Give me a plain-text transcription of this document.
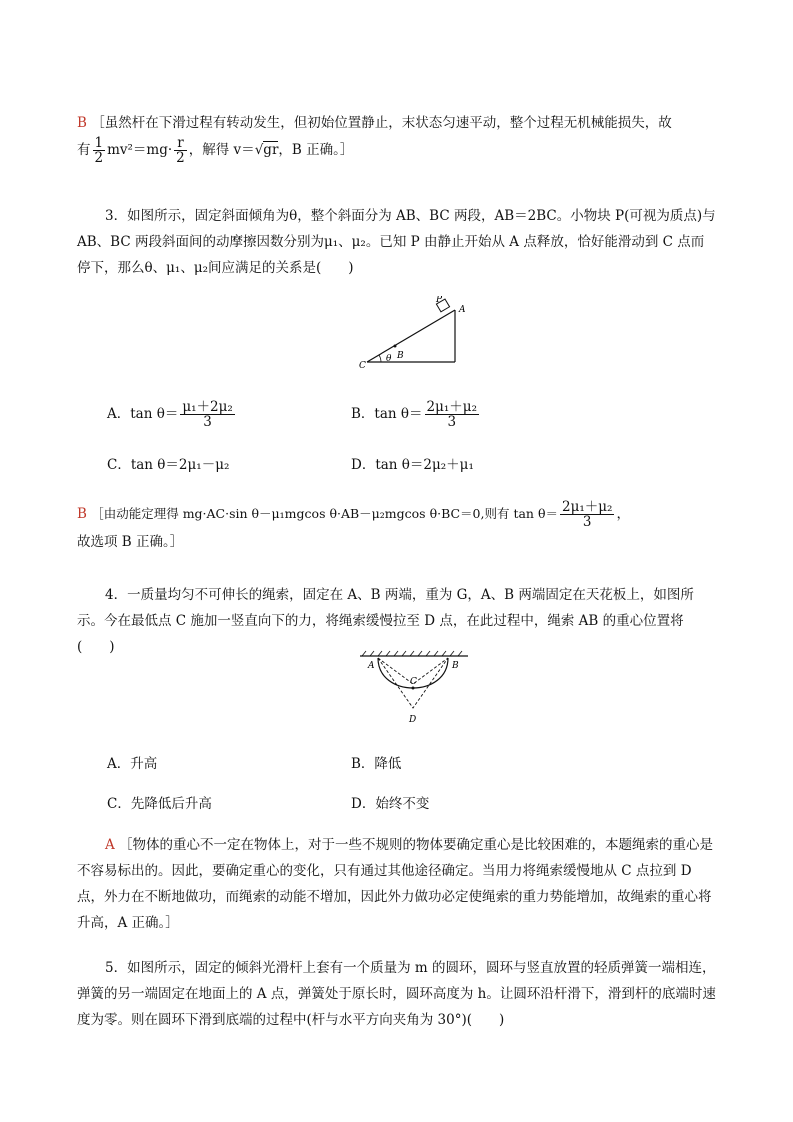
B ［虽然杆在下滑过程有转动发生，但初始位置静止，末状态匀速平动，整个过程无机械能损失，故
有 $\frac{1}{2} mv^2=mg\cdot \frac{r}{2}$ ，解得 v＝√gr，B 正确。］
3．如图所示，固定斜面倾角为θ，整个斜面分为 AB、BC 两段，AB＝2BC。小物块 P(可视为质点)与 AB、BC 两段斜面间的动摩擦因数分别为μ₁、μ₂。已知 P 由静止开始从 A 点释放，恰好能滑动到 C 点而停下，那么θ、μ₁、μ₂间应满足的关系是(　　)
P
A
B
C
θ
A．$\tan \theta= \frac{\text{μ₁＋2μ₂}}{3}$	B．$\tan \theta= \frac{\text{2μ₁＋μ₂}}{3}$
C．tan θ＝2μ₁－μ₂	D．tan θ＝2μ₂＋μ₁
B ［由动能定理得 mg·AC·sin θ－μ₁mgcos θ·AB－μ₂mgcos θ·BC＝0,则有 $\tan \theta= \frac{\text{2μ₁＋μ₂}}{3}$ ，
故选项 B 正确。］
4．一质量均匀不可伸长的绳索，固定在 A、B 两端，重为 G，A、B 两端固定在天花板上，如图所示。今在最低点 C 施加一竖直向下的力，将绳索缓慢拉至 D 点，在此过程中，绳索 AB 的重心位置将(　　)
A	B
C
D
A．升高	B．降低
C．先降低后升高	D．始终不变
A ［物体的重心不一定在物体上，对于一些不规则的物体要确定重心是比较困难的，本题绳索的重心是不容易标出的。因此，要确定重心的变化，只有通过其他途径确定。当用力将绳索缓慢地从 C 点拉到 D 点，外力在不断地做功，而绳索的动能不增加，因此外力做功必定使绳索的重力势能增加，故绳索的重心将升高，A 正确。］
5．如图所示，固定的倾斜光滑杆上套有一个质量为 m 的圆环，圆环与竖直放置的轻质弹簧一端相连，弹簧的另一端固定在地面上的 A 点，弹簧处于原长时，圆环高度为 h。让圆环沿杆滑下，滑到杆的底端时速度为零。则在圆环下滑到底端的过程中(杆与水平方向夹角为 30°)(　　)
